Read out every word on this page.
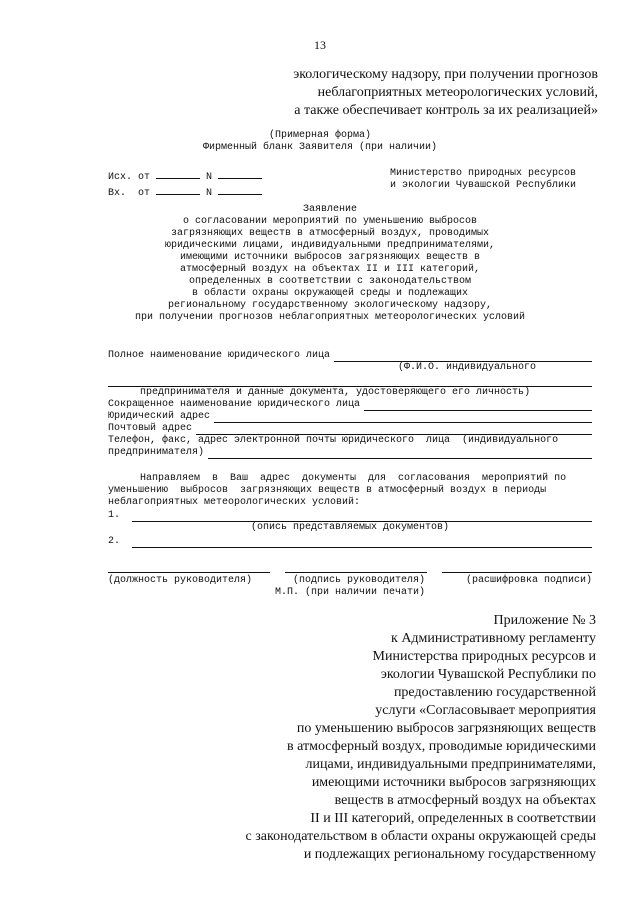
13
экологическому надзору, при получении прогнозов
неблагоприятных метеорологических условий,
а также обеспечивает контроль за их реализацией»
(Примерная форма)
Фирменный бланк Заявителя (при наличии)
Исх. от	N
Вх.  от	N
Министерство природных ресурсов
и экологии Чувашской Республики
Заявление
о согласовании мероприятий по уменьшению выбросов
загрязняющих веществ в атмосферный воздух, проводимых
юридическими лицами, индивидуальными предпринимателями,
имеющими источники выбросов загрязняющих веществ в
атмосферный воздух на объектах II и III категорий,
определенных в соответствии с законодательством
в области охраны окружающей среды и подлежащих
региональному государственному экологическому надзору,
при получении прогнозов неблагоприятных метеорологических условий
Полное наименование юридического лица
(Ф.И.О. индивидуального
предпринимателя и данные документа, удостоверяющего его личность)
Сокращенное наименование юридического лица
Юридический адрес
Почтовый адрес
Телефон, факс, адрес электронной почты юридического  лица  (индивидуального
предпринимателя)
Направляем  в  Ваш  адрес  документы  для  согласования  мероприятий по
уменьшению  выбросов  загрязняющих веществ в атмосферный воздух в периоды
неблагоприятных метеорологических условий:
1.
(опись представляемых документов)
2.
(должность руководителя)	(подпись руководителя)	(расшифровка подписи)
М.П. (при наличии печати)
Приложение № 3
к Административному регламенту
Министерства природных ресурсов и
экологии Чувашской Республики по
предоставлению государственной
услуги «Согласовывает мероприятия
по уменьшению выбросов загрязняющих веществ
в атмосферный воздух, проводимые юридическими
лицами, индивидуальными предпринимателями,
имеющими источники выбросов загрязняющих
веществ в атмосферный воздух на объектах
II и III категорий, определенных в соответствии
с законодательством в области охраны окружающей среды
и подлежащих региональному государственному
